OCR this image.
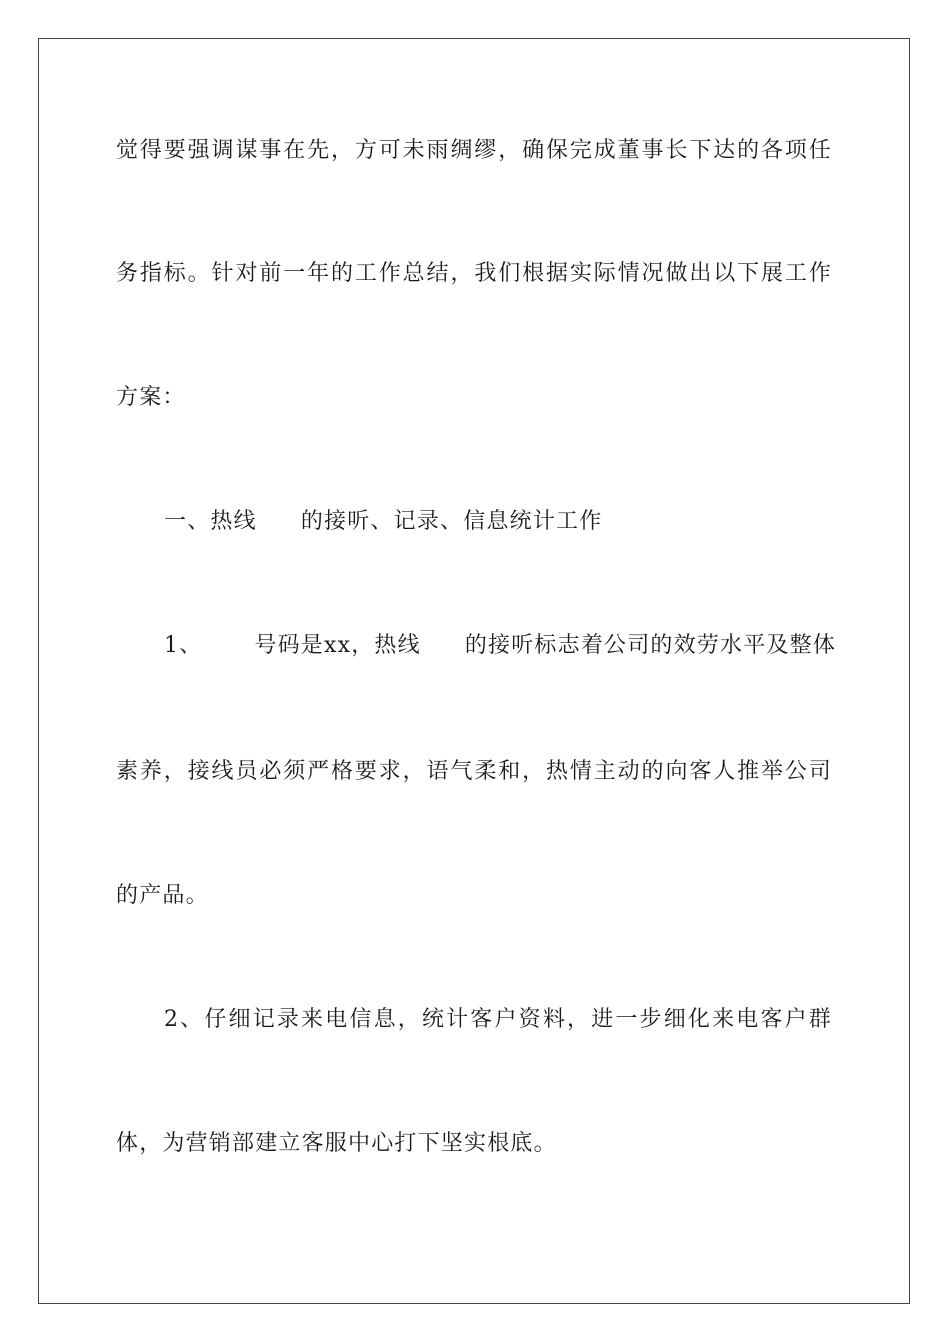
觉得要强调谋事在先，方可未雨绸缪，确保完成董事长下达的各项任
务指标。针对前一年的工作总结，我们根据实际情况做出以下展工作
方案：
一、热线 的接听、记录、信息统计工作
1、 号码是xx，热线 的接听标志着公司的效劳水平及整体
素养，接线员必须严格要求，语气柔和，热情主动的向客人推举公司
的产品。
2、仔细记录来电信息，统计客户资料，进一步细化来电客户群
体，为营销部建立客服中心打下坚实根底。
